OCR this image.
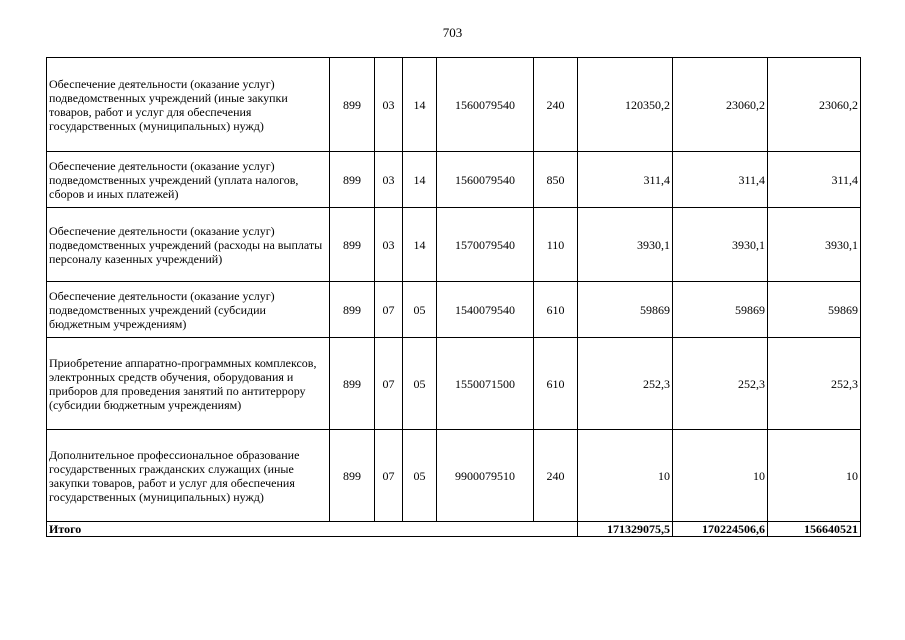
703
Обеспечение деятельности (оказание услуг) подведомственных учреждений (иные закупки товаров, работ и услуг для обеспечения государственных (муниципальных) нужд)	899	03	14	1560079540	240	120350,2	23060,2	23060,2
Обеспечение деятельности (оказание услуг) подведомственных учреждений (уплата налогов, сборов и иных платежей)	899	03	14	1560079540	850	311,4	311,4	311,4
Обеспечение деятельности (оказание услуг) подведомственных учреждений (расходы на выплаты персоналу казенных учреждений)	899	03	14	1570079540	110	3930,1	3930,1	3930,1
Обеспечение деятельности (оказание услуг) подведомственных учреждений (субсидии бюджетным учреждениям)	899	07	05	1540079540	610	59869	59869	59869
Приобретение аппаратно-программных комплексов, электронных средств обучения, оборудования и приборов для проведения занятий по антитеррору (субсидии бюджетным учреждениям)	899	07	05	1550071500	610	252,3	252,3	252,3
Дополнительное профессиональное образование государственных гражданских служащих (иные закупки товаров, работ и услуг для обеспечения государственных (муниципальных) нужд)	899	07	05	9900079510	240	10	10	10
Итого						171329075,5	170224506,6	156640521
